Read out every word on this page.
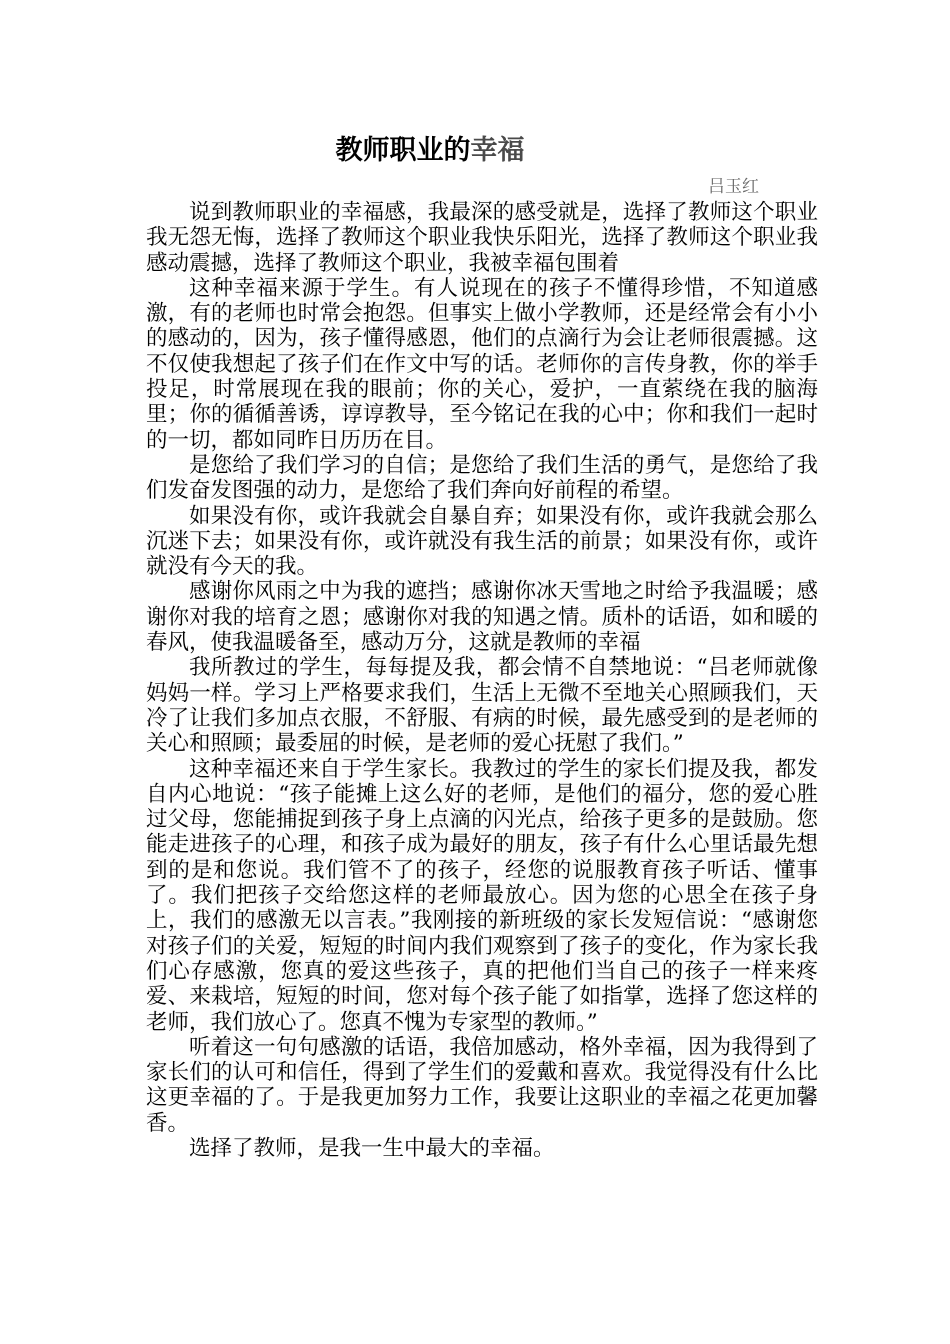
教师职业的幸福
吕玉红

说到教师职业的幸福感，我最深的感受就是，选择了教师这个职业我无怨无悔，选择了教师这个职业我快乐阳光，选择了教师这个职业我感动震撼，选择了教师这个职业，我被幸福包围着

这种幸福来源于学生。有人说现在的孩子不懂得珍惜，不知道感激，有的老师也时常会抱怨。但事实上做小学教师，还是经常会有小小的感动的，因为，孩子懂得感恩，他们的点滴行为会让老师很震撼。这不仅使我想起了孩子们在作文中写的话。老师你的言传身教，你的举手投足，时常展现在我的眼前；你的关心，爱护，一直萦绕在我的脑海里；你的循循善诱，谆谆教导，至今铭记在我的心中；你和我们一起时的一切，都如同昨日历历在目。

是您给了我们学习的自信；是您给了我们生活的勇气，是您给了我们发奋发图强的动力，是您给了我们奔向好前程的希望。

如果没有你，或许我就会自暴自弃；如果没有你，或许我就会那么沉迷下去；如果没有你，或许就没有我生活的前景；如果没有你，或许就没有今天的我。

感谢你风雨之中为我的遮挡；感谢你冰天雪地之时给予我温暖；感谢你对我的培育之恩；感谢你对我的知遇之情。质朴的话语，如和暖的春风，使我温暖备至，感动万分，这就是教师的幸福

我所教过的学生，每每提及我，都会情不自禁地说：“吕老师就像妈妈一样。学习上严格要求我们，生活上无微不至地关心照顾我们，天冷了让我们多加点衣服，不舒服、有病的时候，最先感受到的是老师的关心和照顾；最委屈的时候，是老师的爱心抚慰了我们。”

这种幸福还来自于学生家长。我教过的学生的家长们提及我，都发自内心地说：“孩子能摊上这么好的老师，是他们的福分，您的爱心胜过父母，您能捕捉到孩子身上点滴的闪光点，给孩子更多的是鼓励。您能走进孩子的心理，和孩子成为最好的朋友，孩子有什么心里话最先想到的是和您说。我们管不了的孩子，经您的说服教育孩子听话、懂事了。我们把孩子交给您这样的老师最放心。因为您的心思全在孩子身上，我们的感激无以言表。”我刚接的新班级的家长发短信说：“感谢您对孩子们的关爱，短短的时间内我们观察到了孩子的变化，作为家长我们心存感激，您真的爱这些孩子，真的把他们当自己的孩子一样来疼爱、来栽培，短短的时间，您对每个孩子能了如指掌，选择了您这样的老师，我们放心了。您真不愧为专家型的教师。”

听着这一句句感激的话语，我倍加感动，格外幸福，因为我得到了家长们的认可和信任，得到了学生们的爱戴和喜欢。我觉得没有什么比这更幸福的了。于是我更加努力工作，我要让这职业的幸福之花更加馨香。

选择了教师，是我一生中最大的幸福。
